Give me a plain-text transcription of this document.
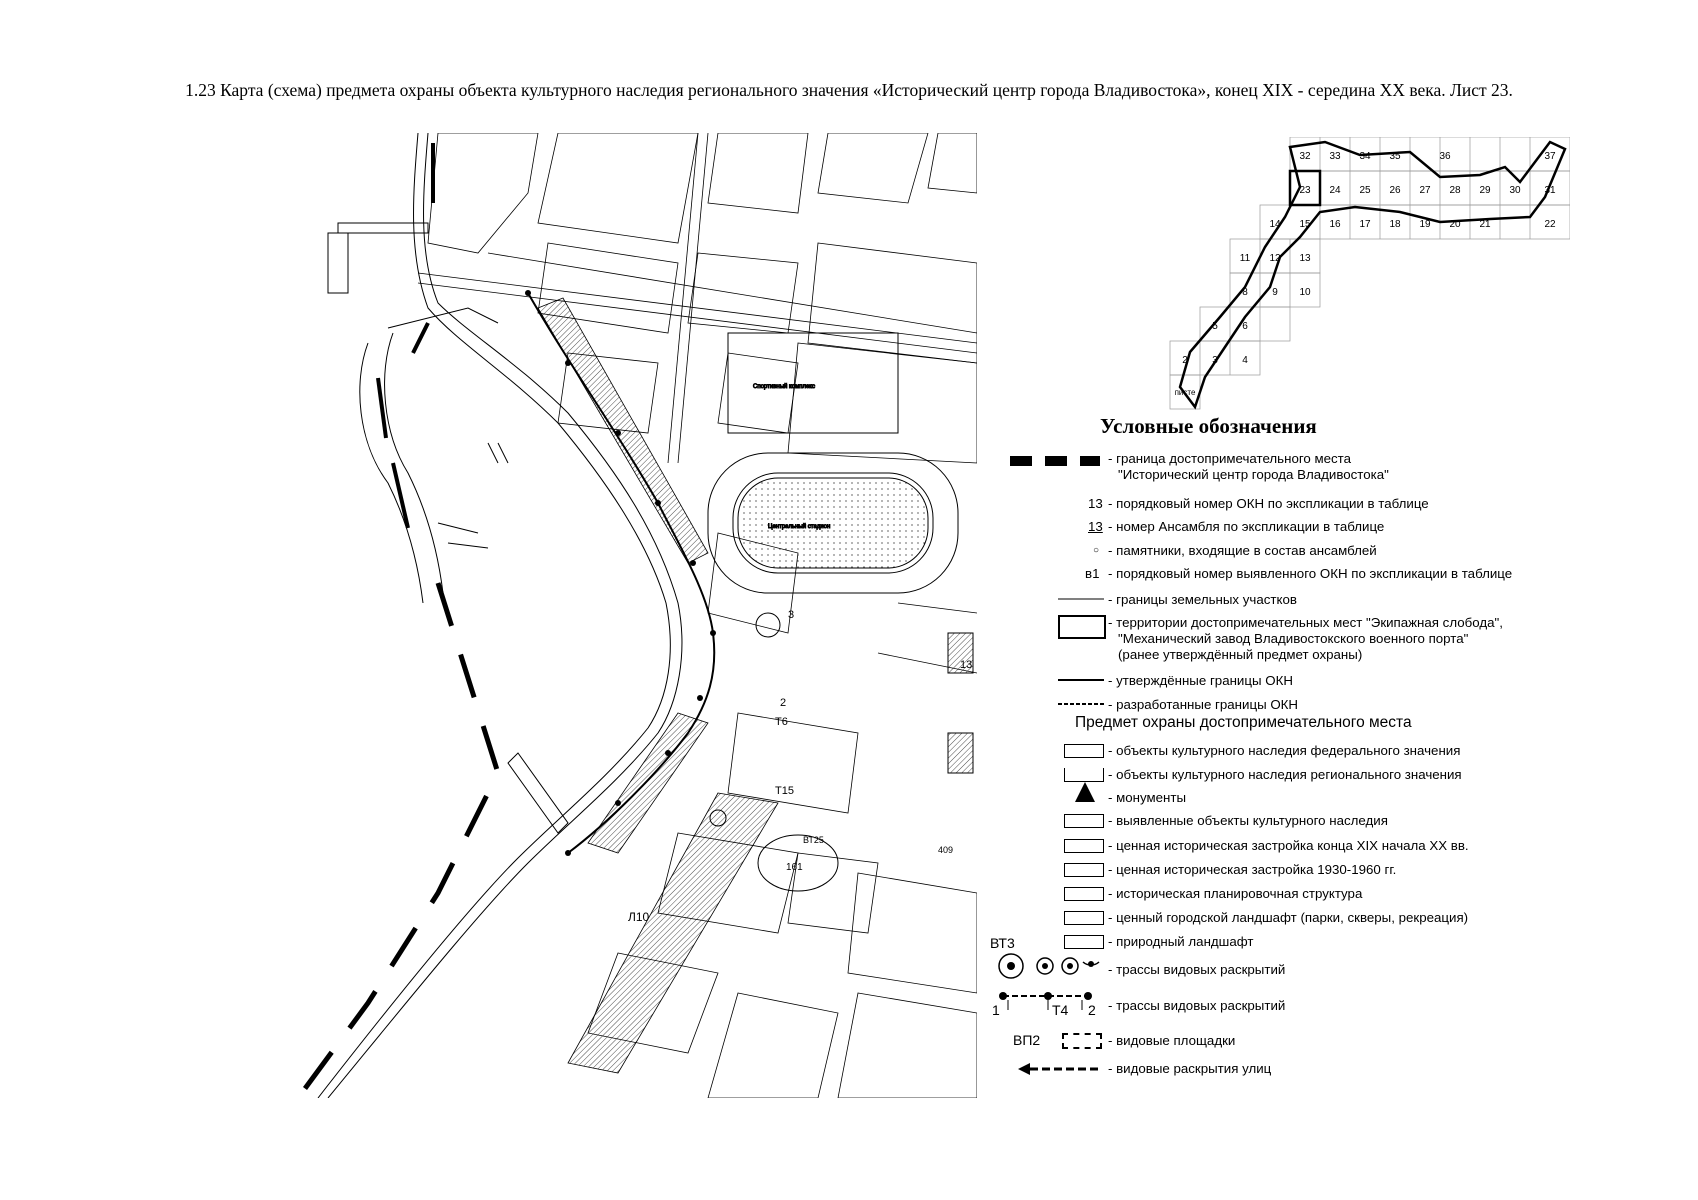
1.23 Карта (схема) предмета охраны объекта культурного наследия регионального значения «Исторический центр города Владивостока», конец XIX - середина XX века. Лист 23.
Центральный стадион
Спортивный комплекс
3
2
Т6
Т15
409
ВТ25
161
Л10
32 33 34 35	36	37
23 24 25 26 27 28 29 30 31
14 15 16 17 18 19 20 21	22
11 12 13
8 9 10
5 6
2 3 4
писте
Условные обозначения
- граница достопримечательного места
"Исторический центр города Владивостока"
13 - порядковый номер ОКН по экспликации в таблице
13 - номер Ансамбля по экспликации в таблице
○ - памятники, входящие в состав ансамблей
в1 - порядковый номер выявленного ОКН по экспликации в таблице
- границы земельных участков
- территории достопримечательных мест "Экипажная слобода",
"Механический завод Владивостокского военного порта"
(ранее утверждённый предмет охраны)
- утверждённые границы ОКН
- разработанные границы ОКН
Предмет охраны достопримечательного места
- объекты культурного наследия федерального значения
- объекты культурного наследия регионального значения
- монументы
- выявленные объекты культурного наследия
- ценная историческая застройка конца XIX начала XX вв.
- ценная историческая застройка 1930-1960 гг.
- историческая планировочная структура
- ценный городской ландшафт (парки, скверы, рекреация)
- природный ландшафт
ВТ3
- трассы видовых раскрытий
1	Т4 2 - трассы видовых раскрытий
ВП2	- видовые площадки
- видовые раскрытия улиц
